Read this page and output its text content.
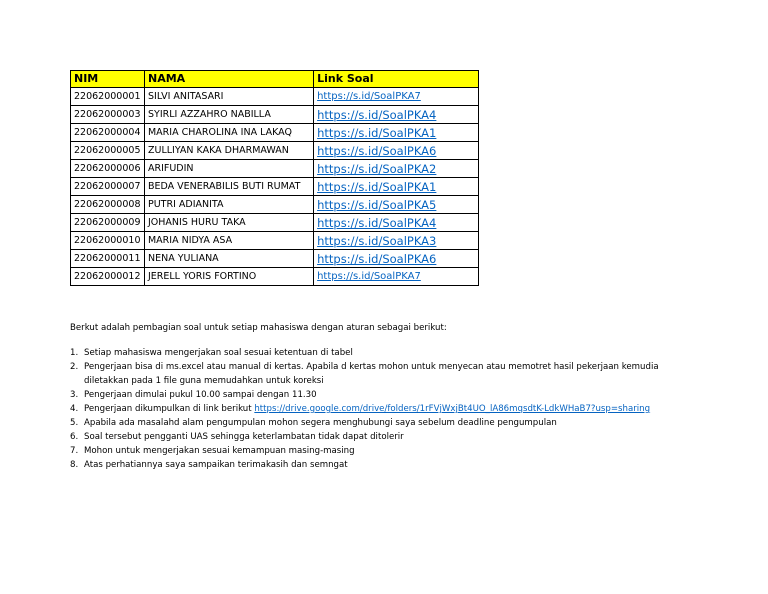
NIM	NAMA	Link Soal
22062000001	SILVI ANITASARI	https://s.id/SoalPKA7
22062000003	SYIRLI AZZAHRO NABILLA	https://s.id/SoalPKA4
22062000004	MARIA CHAROLINA INA LAKAQ	https://s.id/SoalPKA1
22062000005	ZULLIYAN KAKA DHARMAWAN	https://s.id/SoalPKA6
22062000006	ARIFUDIN	https://s.id/SoalPKA2
22062000007	BEDA VENERABILIS BUTI RUMAT	https://s.id/SoalPKA1
22062000008	PUTRI ADIANITA	https://s.id/SoalPKA5
22062000009	JOHANIS HURU TAKA	https://s.id/SoalPKA4
22062000010	MARIA NIDYA ASA	https://s.id/SoalPKA3
22062000011	NENA YULIANA	https://s.id/SoalPKA6
22062000012	JERELL YORIS FORTINO	https://s.id/SoalPKA7

Berkut adalah pembagian soal untuk setiap mahasiswa dengan aturan sebagai berikut:

1. Setiap mahasiswa mengerjakan soal sesuai ketentuan di tabel
2. Pengerjaan bisa di ms.excel atau manual di kertas. Apabila d kertas mohon untuk menyecan atau memotret hasil pekerjaan kemudia
diletakkan pada 1 file guna memudahkan untuk koreksi
3. Pengerjaan dimulai pukul 10.00 sampai dengan 11.30
4. Pengerjaan dikumpulkan di link berikut https://drive.google.com/drive/folders/1rFVjWxjBt4UO_lA86mqsdtK-LdkWHaB7?usp=sharing
5. Apabila ada masalahd alam pengumpulan mohon segera menghubungi saya sebelum deadline pengumpulan
6. Soal tersebut pengganti UAS sehingga keterlambatan tidak dapat ditolerir
7. Mohon untuk mengerjakan sesuai kemampuan masing-masing
8. Atas perhatiannya saya sampaikan terimakasih dan semngat
